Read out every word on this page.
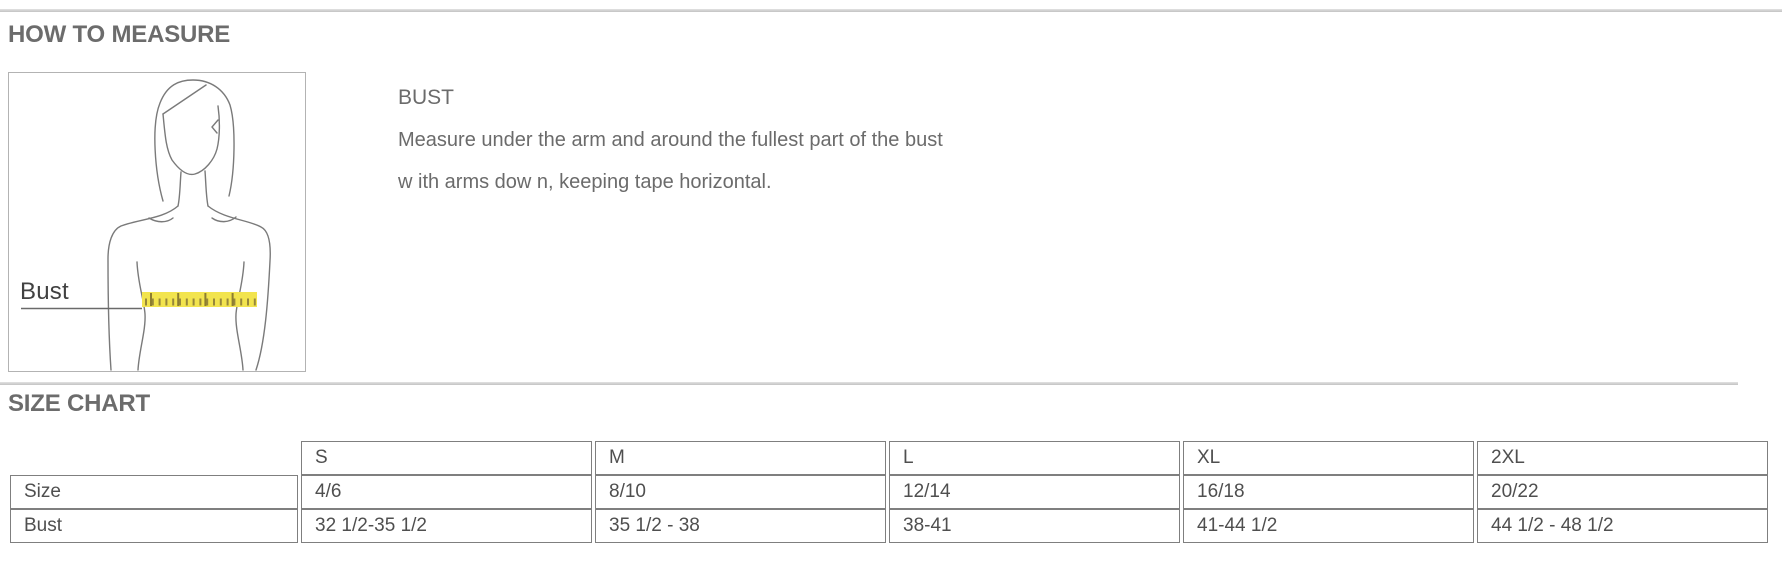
HOW TO MEASURE
Bust
BUST
Measure under the arm and around the fullest part of the bust
w ith arms dow n, keeping tape horizontal.
SIZE CHART
	S	M	L	XL	2XL
Size	4/6	8/10	12/14	16/18	20/22
Bust	32 1/2-35 1/2	35 1/2 - 38	38-41	41-44 1/2	44 1/2 - 48 1/2
